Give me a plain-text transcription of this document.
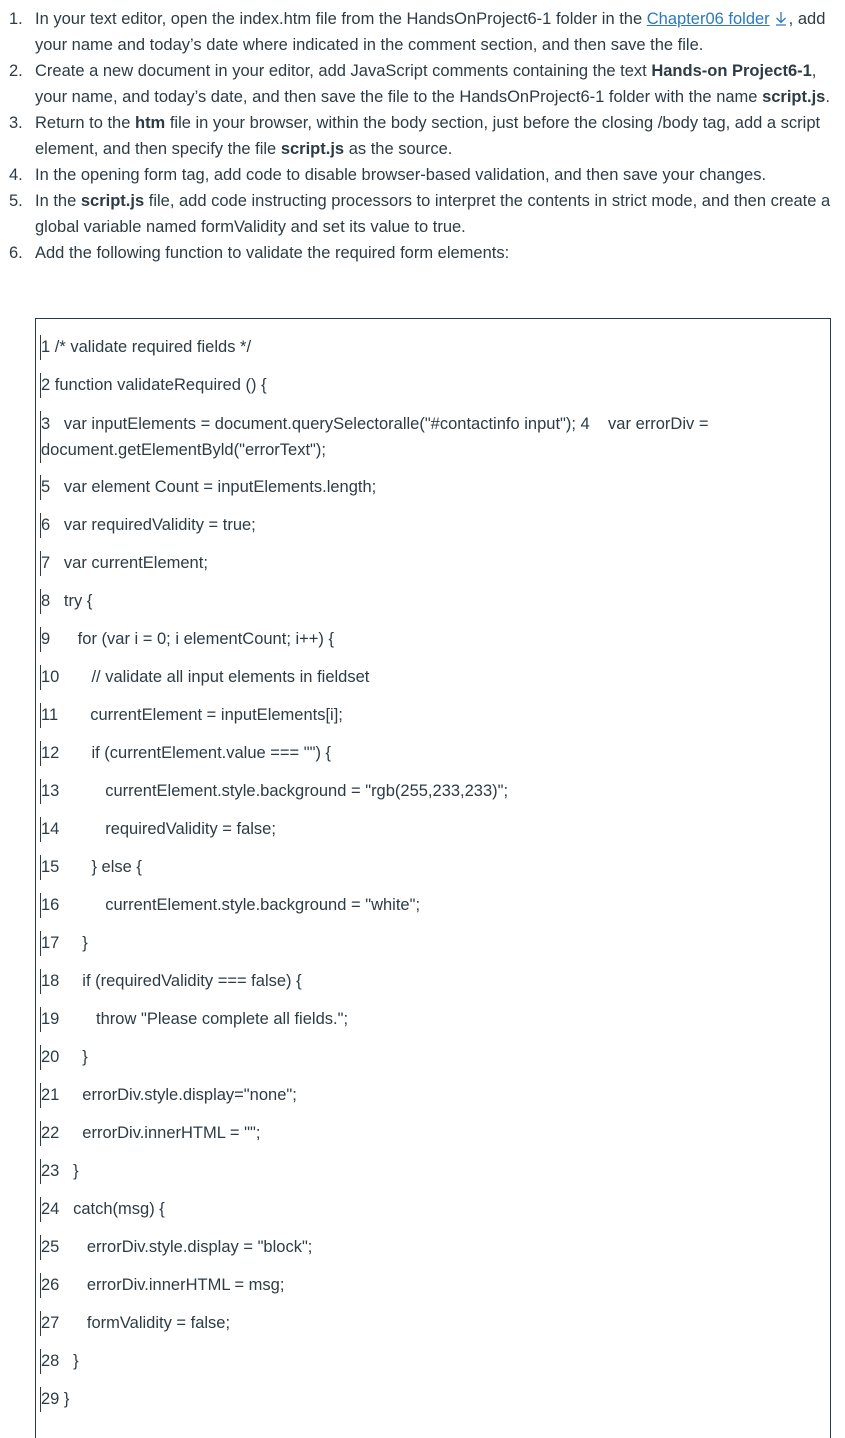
1. In your text editor, open the index.htm file from the HandsOnProject6-1 folder in the Chapter06 folder , add your name and today’s date where indicated in the comment section, and then save the file.
2. Create a new document in your editor, add JavaScript comments containing the text Hands-on Project6-1, your name, and today’s date, and then save the file to the HandsOnProject6-1 folder with the name script.js.
3. Return to the htm file in your browser, within the body section, just before the closing /body tag, add a script element, and then specify the file script.js as the source.
4. In the opening form tag, add code to disable browser-based validation, and then save your changes.
5. In the script.js file, add code instructing processors to interpret the contents in strict mode, and then create a global variable named formValidity and set its value to true.
6. Add the following function to validate the required form elements:
1 /* validate required fields */
2 function validateRequired () {
3   var inputElements = document.querySelectoralle("#contactinfo input"); 4    var errorDiv = document.getElementByld("errorText");
5   var element Count = inputElements.length;
6   var requiredValidity = true;
7   var currentElement;
8   try {
9      for (var i = 0; i elementCount; i++) {
10       // validate all input elements in fieldset
11       currentElement = inputElements[i];
12       if (currentElement.value === "") {
13          currentElement.style.background = "rgb(255,233,233)";
14          requiredValidity = false;
15       } else {
16          currentElement.style.background = "white";
17     }
18     if (requiredValidity === false) {
19        throw "Please complete all fields.";
20     }
21     errorDiv.style.display="none";
22     errorDiv.innerHTML = "";
23   }
24   catch(msg) {
25      errorDiv.style.display = "block";
26      errorDiv.innerHTML = msg;
27      formValidity = false;
28   }
29 }
